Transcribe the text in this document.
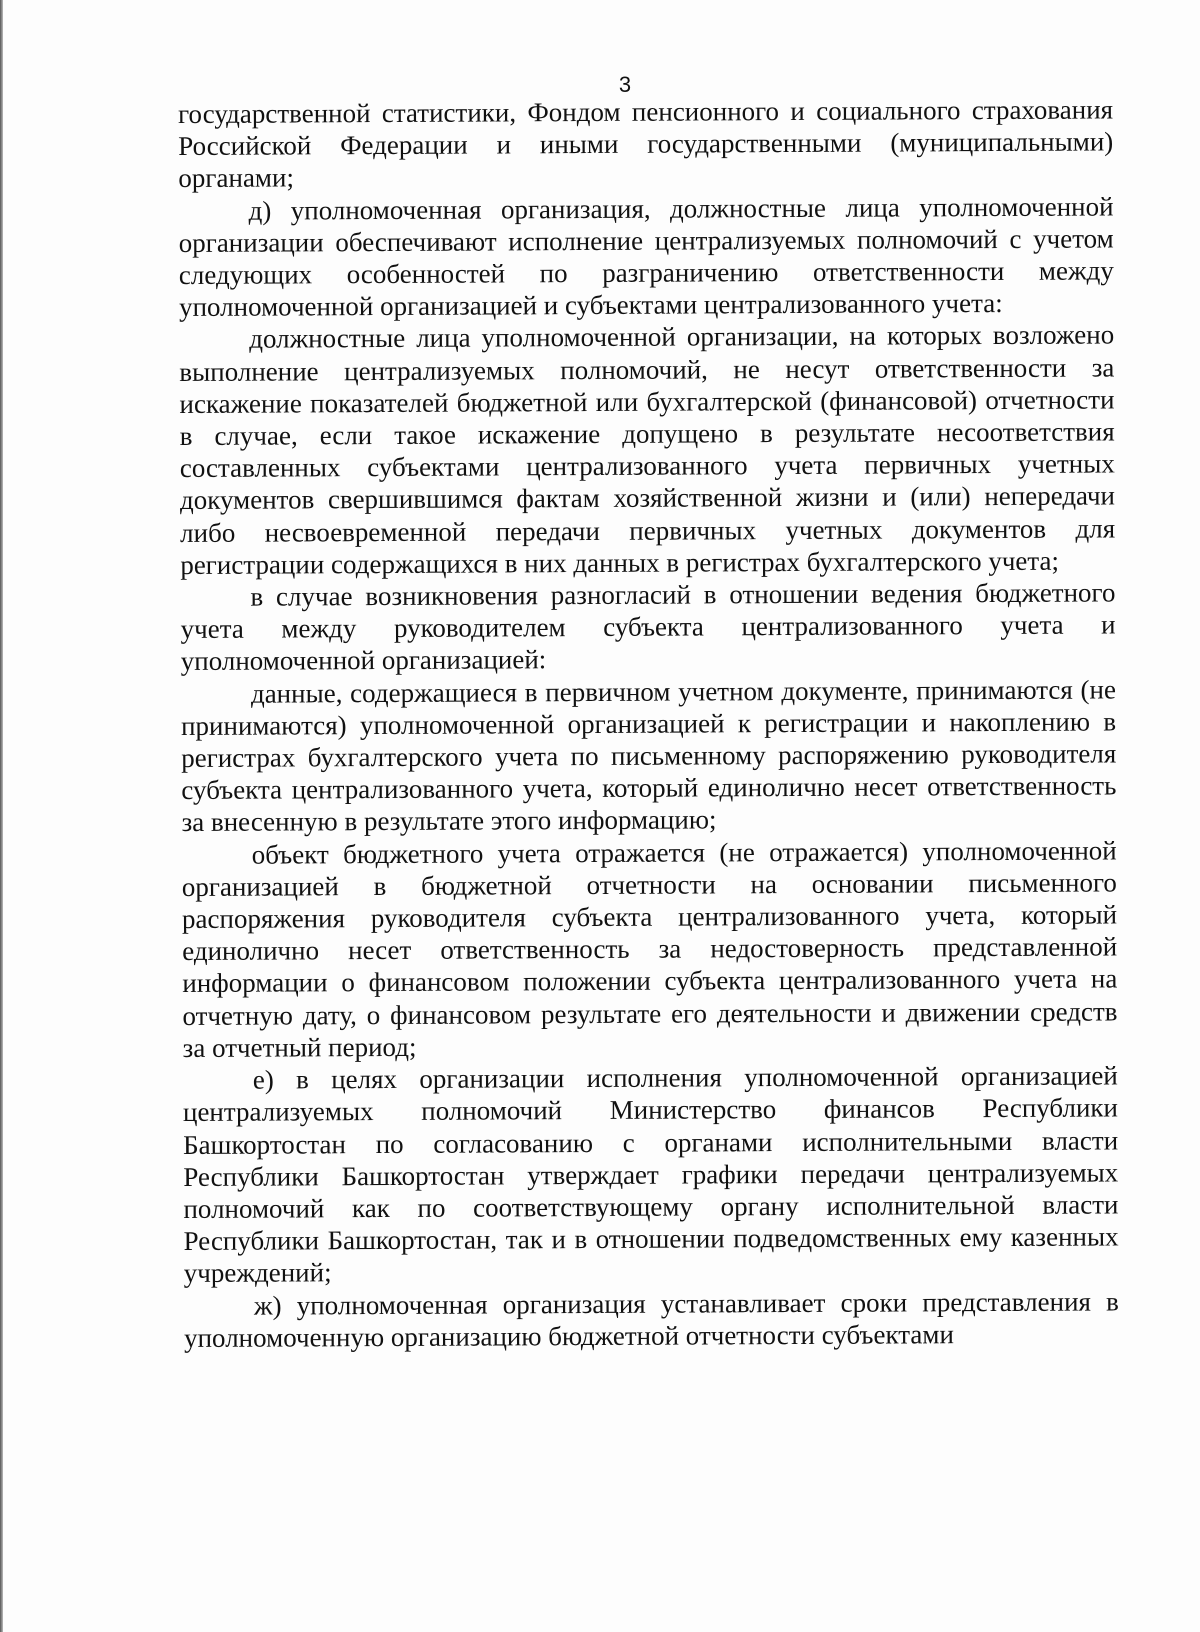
3

государственной статистики, Фондом пенсионного и социального страхования Российской Федерации и иными государственными (муниципальными) органами;

д) уполномоченная организация, должностные лица уполномоченной организации обеспечивают исполнение централизуемых полномочий с учетом следующих особенностей по разграничению ответственности между уполномоченной организацией и субъектами централизованного учета:

должностные лица уполномоченной организации, на которых возложено выполнение централизуемых полномочий, не несут ответственности за искажение показателей бюджетной или бухгалтерской (финансовой) отчетности в случае, если такое искажение допущено в результате несоответствия составленных субъектами централизованного учета первичных учетных документов свершившимся фактам хозяйственной жизни и (или) непередачи либо несвоевременной передачи первичных учетных документов для регистрации содержащихся в них данных в регистрах бухгалтерского учета;

в случае возникновения разногласий в отношении ведения бюджетного учета между руководителем субъекта централизованного учета и уполномоченной организацией:

данные, содержащиеся в первичном учетном документе, принимаются (не принимаются) уполномоченной организацией к регистрации и накоплению в регистрах бухгалтерского учета по письменному распоряжению руководителя субъекта централизованного учета, который единолично несет ответственность за внесенную в результате этого информацию;

объект бюджетного учета отражается (не отражается) уполномоченной организацией в бюджетной отчетности на основании письменного распоряжения руководителя субъекта централизованного учета, который единолично несет ответственность за недостоверность представленной информации о финансовом положении субъекта централизованного учета на отчетную дату, о финансовом результате его деятельности и движении средств за отчетный период;

е) в целях организации исполнения уполномоченной организацией централизуемых полномочий Министерство финансов Республики Башкортостан по согласованию с органами исполнительными власти Республики Башкортостан утверждает графики передачи централизуемых полномочий как по соответствующему органу исполнительной власти Республики Башкортостан, так и в отношении подведомственных ему казенных учреждений;

ж) уполномоченная организация устанавливает сроки представления в уполномоченную организацию бюджетной отчетности субъектами
